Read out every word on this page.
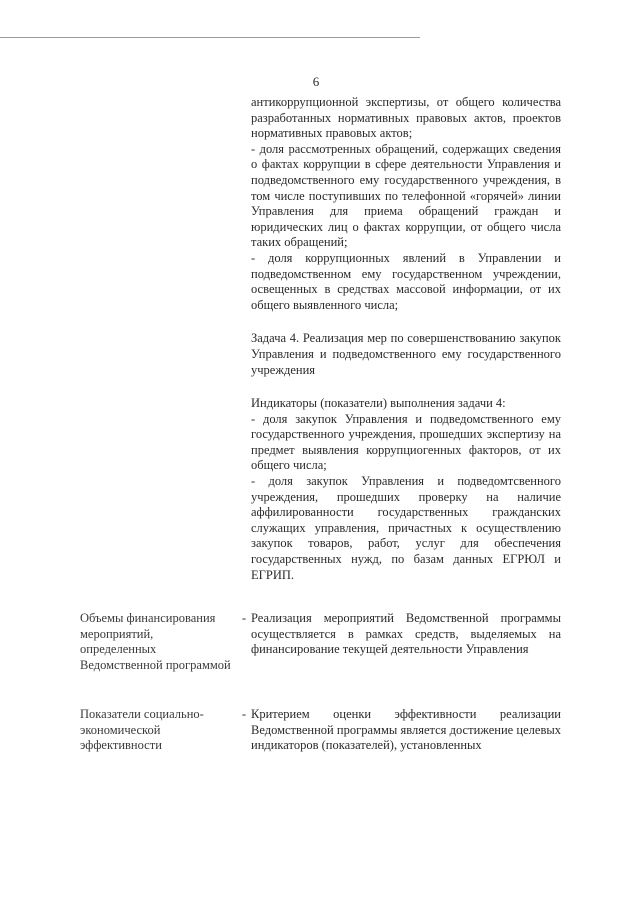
6

антикоррупционной экспертизы, от общего количества разработанных нормативных правовых актов, проектов нормативных правовых актов;

- доля рассмотренных обращений, содержащих сведения о фактах коррупции в сфере деятельности Управления и подведомственного ему государственного учреждения, в том числе поступивших по телефонной «горячей» линии Управления для приема обращений граждан и юридических лиц о фактах коррупции, от общего числа таких обращений;

- доля коррупционных явлений в Управлении и подведомственном ему государственном учреждении, освещенных в средствах массовой информации, от их общего выявленного числа;

Задача 4. Реализация мер по совершенствованию закупок Управления и подведомственного ему государственного учреждения

Индикаторы (показатели) выполнения задачи 4:

- доля закупок Управления и подведомственного ему государственного учреждения, прошедших экспертизу на предмет выявления коррупциогенных факторов, от их общего числа;

- доля закупок Управления и подведомтсвенного учреждения, прошедших проверку на наличие аффилированности государственных гражданских служащих управления, причастных к осуществлению закупок товаров, работ, услуг для обеспечения государственных нужд, по базам данных ЕГРЮЛ и ЕГРИП.

Объемы финансирования мероприятий, определенных Ведомственной программой
- Реализация мероприятий Ведомственной программы осуществляется в рамках средств, выделяемых на финансирование текущей деятельности Управления
Показатели социально-экономической эффективности
- Критерием оценки эффективности реализации Ведомственной программы является достижение целевых индикаторов (показателей), установленных
